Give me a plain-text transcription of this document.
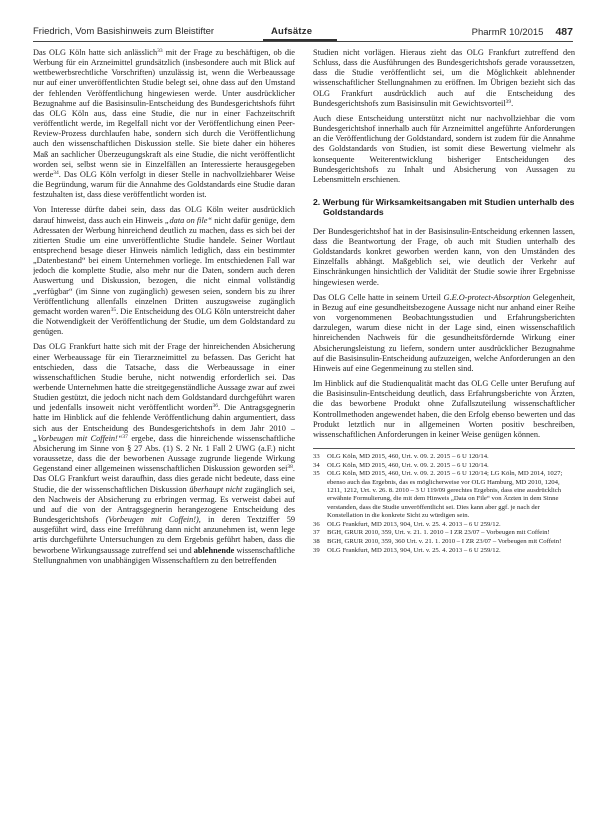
Friedrich, Vom Basishinweis zum Bleistifter	Aufsätze	PharmR 10/2015 487

Das OLG Köln hatte sich anlässlich$^{33}$ mit der Frage zu beschäftigen, ob die Werbung für ein Arzneimittel grundsätzlich (insbesondere auch mit Blick auf wettbewerbsrechtliche Vorschriften) unzulässig ist, wenn die Werbeaussage nur auf einer unveröffentlichten Studie belegt sei, ohne dass auf den Umstand der fehlenden Veröffentlichung hingewiesen werde. Unter ausdrücklicher Bezugnahme auf die Basisinsulin-Entscheidung des Bundesgerichtshofs führt das OLG Köln aus, dass eine Studie, die nur in einer Fachzeitschrift veröffentlicht werde, im Regelfall nicht vor der Veröffentlichung einen Peer-Review-Prozess durchlaufen habe, sondern sich durch die Veröffentlichung auch den wissenschaftlichen Diskussion stelle. Sie biete daher ein höheres Maß an sachlicher Überzeugungskraft als eine Studie, die nicht veröffentlicht worden sei, selbst wenn sie in Einzelfällen an Interessierte herausgegeben werde$^{34}$. Das OLG Köln verfolgt in dieser Stelle in nachvollziehbarer Weise die Begründung, warum für die Annahme des Goldstandards eine Studie daran festzuhalten ist, dass diese veröffentlicht worden ist.

Von Interesse dürfte dabei sein, dass das OLG Köln weiter ausdrücklich darauf hinweist, dass auch ein Hinweis „data on file“ nicht dafür genüge, dem Adressaten der Werbung hinreichend deutlich zu machen, dass es sich bei der zitierten Studie um eine unveröffentlichte Studie handele. Seiner Wortlaut entsprechend besage dieser Hinweis nämlich lediglich, dass ein bestimmter „Datenbestand“ bei einem Unternehmen vorliege. Im entschiedenen Fall war jedoch die komplette Studie, also mehr nur die Daten, sondern auch deren Auswertung und Diskussion, bezogen, die nicht einmal vollständig „verfügbar“ (im Sinne von zugänglich) gewesen seien, sondern bis zu ihrer Veröffentlichung allenfalls einzelnen Dritten auszugsweise zugänglich gemacht worden waren$^{35}$. Die Entscheidung des OLG Köln unterstreicht daher die Notwendigkeit der Veröffentlichung der Studie, um dem Goldstandard zu genügen.

Das OLG Frankfurt hatte sich mit der Frage der hinreichenden Absicherung einer Werbeaussage für ein Tierarzneimittel zu befassen. Das Gericht hat entschieden, dass die Tatsache, dass die Werbeaussage in einer wissenschaftlichen Studie beruhe, nicht notwendig erforderlich sei. Das werbende Unternehmen hatte die streitgegenständliche Aussage zwar auf zwei Studien gestützt, die jedoch nicht nach dem Goldstandard durchgeführt waren und jedenfalls insoweit nicht veröffentlicht worden$^{36}$. Die Antragsgegnerin hatte im Hinblick auf die fehlende Veröffentlichung dahin argumentiert, dass sich aus der Entscheidung des Bundesgerichtshofs in dem Jahr 2010 – „Vorbeugen mit Coffein!“$^{37}$ ergebe, dass die hinreichende wissenschaftliche Absicherung im Sinne von § 27 Abs. (1) S. 2 Nr. 1 Fall 2 UWG (a.F.) nicht voraussetze, dass die der beworbenen Aussage zugrunde liegende Wirkung Gegenstand einer allgemeinen wissenschaftlichen Diskussion geworden sei$^{38}$. Das OLG Frankfurt weist daraufhin, dass dies gerade nicht bedeute, dass eine Studie, die der wissenschaftlichen Diskussion überhaupt nicht zugänglich sei, den Nachweis der Absicherung zu erbringen vermag. Es verweist dabei auf und auf die von der Antragsgegnerin herangezogene Entscheidung des Bundesgerichtshofs (Vorbeugen mit Coffein!), in deren Textziffer 59 ausgeführt wird, dass eine Irreführung dann nicht anzunehmen ist, wenn lege artis durchgeführte Untersuchungen zu dem Ergebnis geführt haben, dass die beworbene Wirkungsaussage zutreffend sei und ablehnende wissenschaftliche Stellungnahmen von unabhängigen Wissenschaftlern zu den betreffenden

Studien nicht vorlägen. Hieraus zieht das OLG Frankfurt zutreffend den Schluss, dass die Ausführungen des Bundesgerichtshofs gerade voraussetzen, dass die Studie veröffentlicht sei, um die Möglichkeit ablehnender wissenschaftlicher Stellungnahmen zu eröffnen. Im Übrigen bezieht sich das OLG Frankfurt ausdrücklich auch auf die Entscheidung des Bundesgerichtshofs zum Basisinsulin mit Gewichtsvorteil$^{39}$.

Auch diese Entscheidung unterstützt nicht nur nachvollziehbar die vom Bundesgerichtshof innerhalb auch für Arzneimittel angeführte Anforderungen an die Veröffentlichung der Goldstandard, sondern ist zudem für die Annahme des Goldstandards von Studien, ist somit diese Bewertung vielmehr als konsequente Weiterentwicklung bisheriger Entscheidungen des Bundesgerichtshofs zu Inhalt und Absicherung von Aussagen zu Lebensmitteln erschienen.

2. Werbung für Wirksamkeitsangaben mit Studien unterhalb des Goldstandards

Der Bundesgerichtshof hat in der Basisinsulin-Entscheidung erkennen lassen, dass die Beantwortung der Frage, ob auch mit Studien unterhalb des Goldstandards konkret geworben werden kann, von den Umständen des Einzelfalls abhängt. Maßgeblich sei, wie deutlich der Verkehr auf Einschränkungen hinsichtlich der Validität der Studie sowie ihrer Ergebnisse hingewiesen werde.

Das OLG Celle hatte in seinem Urteil G.E.O-protect-Absorption Gelegenheit, in Bezug auf eine gesundheitsbezogene Aussage nicht nur anhand einer Reihe von vorgenommenen Beobachtungsstudien und Erfahrungsberichten darzulegen, warum diese nicht in der Lage sind, einen wissenschaftlich hinreichenden Nachweis für die gesundheitsfördernde Wirkung einer Absicherungsleistung zu liefern, sondern unter ausdrücklicher Bezugnahme auf die Basisinsulin-Entscheidung aufzuzeigen, welche Anforderungen an den Hinweis auf eine Gegenmeinung zu stellen sind.

Im Hinblick auf die Studienqualität macht das OLG Celle unter Berufung auf die Basisinsulin-Entscheidung deutlich, dass Erfahrungsberichte von Ärzten, die das beworbene Produkt ohne Zufallszuteilung wissenschaftlicher Kontrollmethoden angewendet haben, die den Erfolg ebenso bewerten und das Produkt letztlich nur in allgemeinen Worten positiv beschreiben, wissenschaftlichen Anforderungen in keiner Weise genügen können.

33	OLG Köln, MD 2015, 460, Urt. v. 09. 2. 2015 – 6 U 120/14.
34	OLG Köln, MD 2015, 460, Urt. v. 09. 2. 2015 – 6 U 120/14.
35	OLG Köln, MD 2015, 460, Urt. v. 09. 2. 2015 – 6 U 120/14; LG Köln, MD 2014, 1027; ebenso auch das Ergebnis, das es möglicherweise vor OLG Hamburg, MD 2010, 1204, 1211, 1212, Urt. v. 26. 8. 2010 – 3 U 119/09 gerechtes Ergebnis, dass eine ausdrücklich erwähnte Formulierung, die mit dem Hinweis „Data on File“ von Ärzten in dem Sinne verstanden, dass die Studie unveröffentlicht sei. Dies kann aber ggf. je nach der Konstellation in die konkrete Sicht zu würdigen sein.
36	OLG Frankfurt, MD 2013, 904, Urt. v. 25. 4. 2013 – 6 U 259/12.
37	BGH, GRUR 2010, 359, Urt. v. 21. 1. 2010 – I ZR 23/07 – Vorbeugen mit Coffein!
38	BGH, GRUR 2010, 359, 360 Urt. v. 21. 1. 2010 – I ZR 23/07 – Vorbeugen mit Coffein!
39	OLG Frankfurt, MD 2013, 904, Urt. v. 25. 4. 2013 – 6 U 259/12.
